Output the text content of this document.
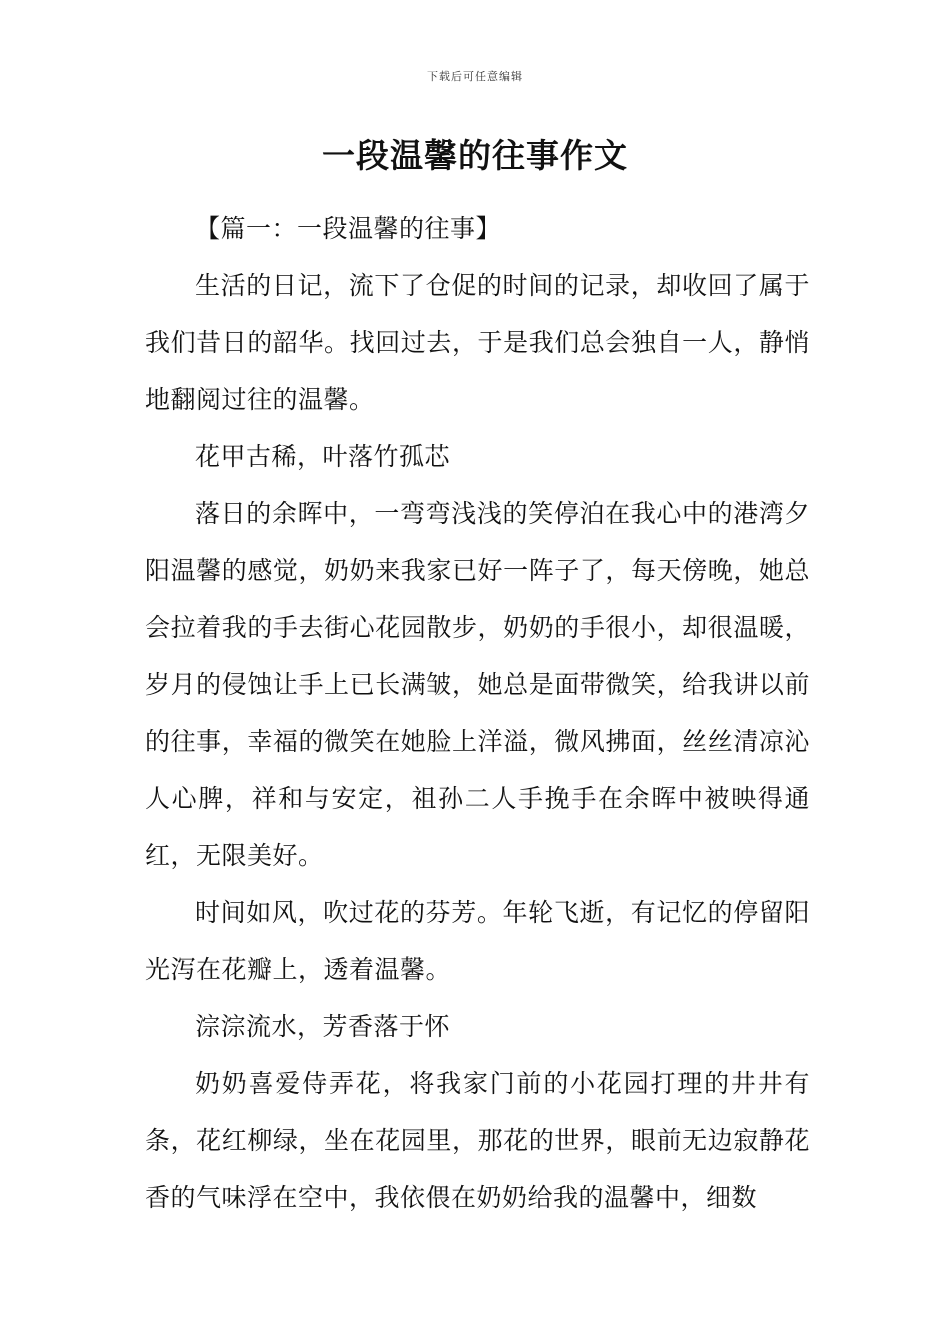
下载后可任意编辑
一段温馨的往事作文

【篇一：一段温馨的往事】

生活的日记，流下了仓促的时间的记录，却收回了属于我们昔日的韶华。找回过去，于是我们总会独自一人，静悄地翻阅过往的温馨。

花甲古稀，叶落竹孤芯

落日的余晖中，一弯弯浅浅的笑停泊在我心中的港湾夕阳温馨的感觉，奶奶来我家已好一阵子了，每天傍晚，她总会拉着我的手去街心花园散步，奶奶的手很小，却很温暖，岁月的侵蚀让手上已长满皱，她总是面带微笑，给我讲以前的往事，幸福的微笑在她脸上洋溢，微风拂面，丝丝清凉沁人心脾，祥和与安定，祖孙二人手挽手在余晖中被映得通红，无限美好。

时间如风，吹过花的芬芳。年轮飞逝，有记忆的停留阳光泻在花瓣上，透着温馨。

淙淙流水，芳香落于怀

奶奶喜爱侍弄花，将我家门前的小花园打理的井井有条，花红柳绿，坐在花园里，那花的世界，眼前无边寂静花香的气味浮在空中，我依偎在奶奶给我的温馨中，细数
